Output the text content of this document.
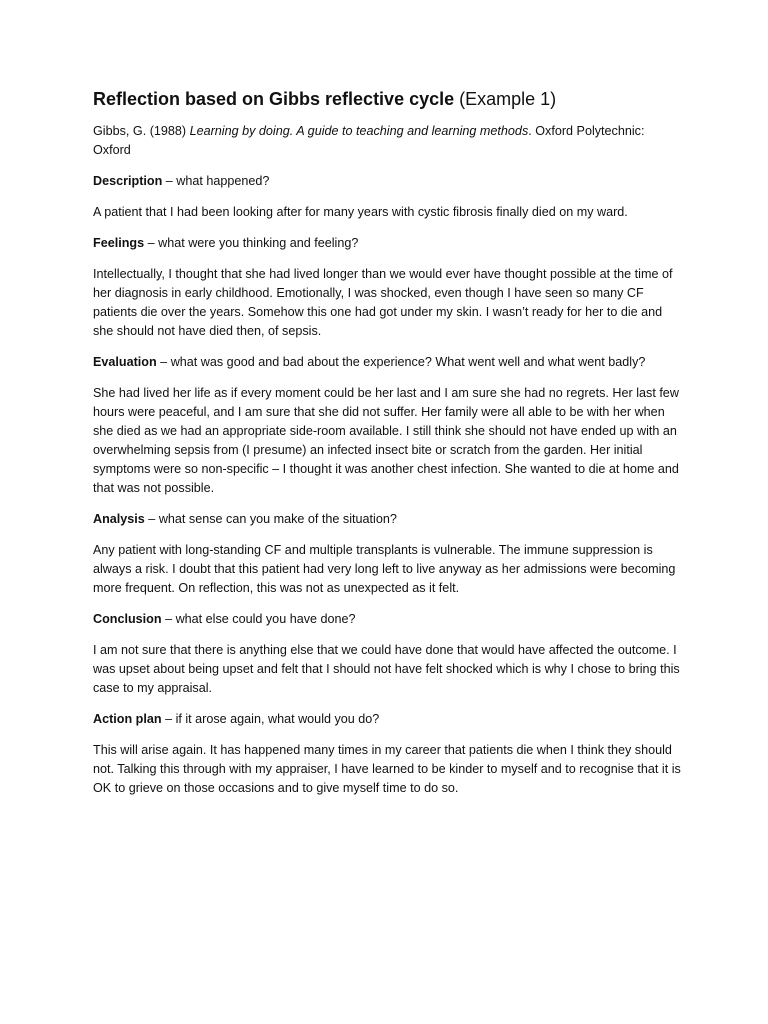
Reflection based on Gibbs reflective cycle (Example 1)

Gibbs, G. (1988) Learning by doing. A guide to teaching and learning methods. Oxford Polytechnic: Oxford

Description – what happened?

A patient that I had been looking after for many years with cystic fibrosis finally died on my ward.

Feelings – what were you thinking and feeling?

Intellectually, I thought that she had lived longer than we would ever have thought possible at the time of her diagnosis in early childhood. Emotionally, I was shocked, even though I have seen so many CF patients die over the years. Somehow this one had got under my skin. I wasn’t ready for her to die and she should not have died then, of sepsis.

Evaluation – what was good and bad about the experience? What went well and what went badly?

She had lived her life as if every moment could be her last and I am sure she had no regrets. Her last few hours were peaceful, and I am sure that she did not suffer. Her family were all able to be with her when she died as we had an appropriate side-room available. I still think she should not have ended up with an overwhelming sepsis from (I presume) an infected insect bite or scratch from the garden. Her initial symptoms were so non-specific – I thought it was another chest infection. She wanted to die at home and that was not possible.

Analysis – what sense can you make of the situation?

Any patient with long-standing CF and multiple transplants is vulnerable. The immune suppression is always a risk. I doubt that this patient had very long left to live anyway as her admissions were becoming more frequent. On reflection, this was not as unexpected as it felt.

Conclusion – what else could you have done?

I am not sure that there is anything else that we could have done that would have affected the outcome. I was upset about being upset and felt that I should not have felt shocked which is why I chose to bring this case to my appraisal.

Action plan – if it arose again, what would you do?

This will arise again. It has happened many times in my career that patients die when I think they should not. Talking this through with my appraiser, I have learned to be kinder to myself and to recognise that it is OK to grieve on those occasions and to give myself time to do so.
